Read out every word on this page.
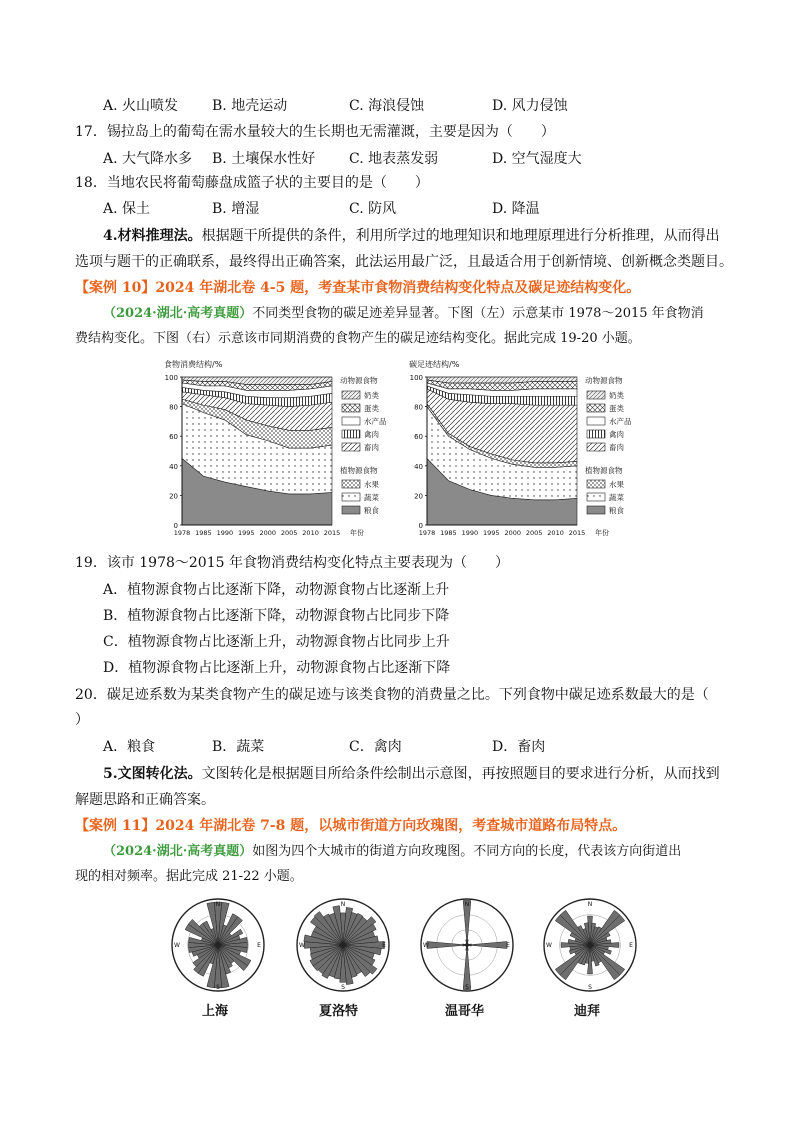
A. 火山喷发 B. 地壳运动	C. 海浪侵蚀	D. 风力侵蚀
17．锡拉岛上的葡萄在需水量较大的生长期也无需灌溉，主要是因为（　　）
A. 大气降水多 B. 土壤保水性好 C. 地表蒸发弱	D. 空气湿度大
18．当地农民将葡萄藤盘成篮子状的主要目的是（　　）
A. 保土	B. 增湿	C. 防风	D. 降温
4.材料推理法。根据题干所提供的条件，利用所学过的地理知识和地理原理进行分析推理，从而得出
选项与题干的正确联系，最终得出正确答案，此法运用最广泛，且最适合用于创新情境、创新概念类题目。
【案例 10】2024 年湖北卷 4-5 题，考查某市食物消费结构变化特点及碳足迹结构变化。
（2024·湖北·高考真题）不同类型食物的碳足迹差异显著。下图（左）示意某市 1978～2015 年食物消
费结构变化。下图（右）示意该市同期消费的食物产生的碳足迹结构变化。据此完成 19-20 小题。
食物消费结构/%
0
20
40
60
80
100
1978 1985 1990 1995 2000 2005 2010 2015 年份
动物源食物
奶类
蛋类
水产品
禽肉
畜肉
植物源食物
水果
蔬菜
粮食
碳足迹结构/%
0
20
40
60
80
100
1978 1985 1990 1995 2000 2005 2010 2015 年份
动物源食物
奶类
蛋类
水产品
禽肉
畜肉
植物源食物
水果
蔬菜
粮食
19．该市 1978～2015 年食物消费结构变化特点主要表现为（　　）
A．植物源食物占比逐渐下降，动物源食物占比逐渐上升
B．植物源食物占比逐渐下降，动物源食物占比同步下降
C．植物源食物占比逐渐上升，动物源食物占比同步上升
D．植物源食物占比逐渐上升，动物源食物占比逐渐下降
20．碳足迹系数为某类食物产生的碳足迹与该类食物的消费量之比。下列食物中碳足迹系数最大的是（
）
A．粮食	B．蔬菜	C．禽肉	D．畜肉
5.文图转化法。文图转化是根据题目所给条件绘制出示意图，再按照题目的要求进行分析，从而找到
解题思路和正确答案。
【案例 11】2024 年湖北卷 7-8 题，以城市街道方向玫瑰图，考查城市道路布局特点。
（2024·湖北·高考真题）如图为四个大城市的街道方向玫瑰图。不同方向的长度，代表该方向街道出
现的相对频率。据此完成 21-22 小题。
N
S
E
W
N
S
E
W
N
S
E
W
N
S
E
W
上海	夏洛特	温哥华	迪拜
